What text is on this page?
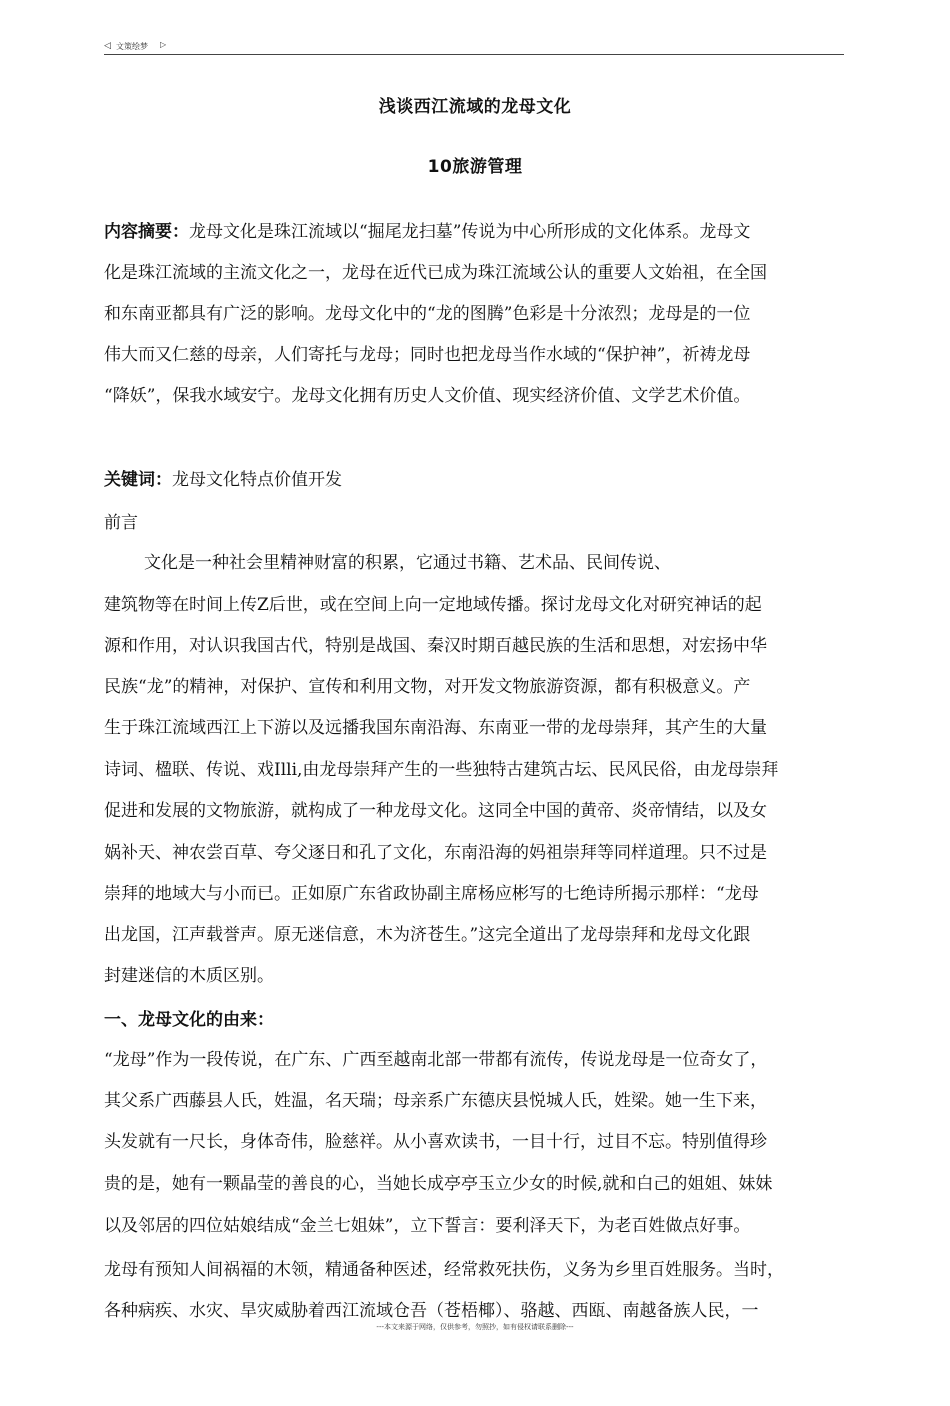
◁ 文策绘梦 ▷
浅谈西江流域的龙母文化
10旅游管理
内容摘要：龙母文化是珠江流域以“掘尾龙扫墓”传说为中心所形成的文化体系。龙母文
化是珠江流域的主流文化之一，龙母在近代已成为珠江流域公认的重要人文始祖，在全国
和东南亚都具有广泛的影响。龙母文化中的“龙的图腾”色彩是十分浓烈；龙母是的一位
伟大而又仁慈的母亲，人们寄托与龙母；同时也把龙母当作水域的“保护神”，祈祷龙母
“降妖”，保我水域安宁。龙母文化拥有历史人文价值、现实经济价值、文学艺术价值。
关键词：龙母文化特点价值开发
前言
文化是一种社会里精神财富的积累，它通过书籍、艺术品、民间传说、
建筑物等在时间上传Z后世，或在空间上向一定地域传播。探讨龙母文化对研究神话的起
源和作用，对认识我国古代，特别是战国、秦汉时期百越民族的生活和思想，对宏扬中华
民族“龙”的精神，对保护、宣传和利用文物，对开发文物旅游资源，都有积极意义。产
生于珠江流域西江上下游以及远播我国东南沿海、东南亚一带的龙母崇拜，其产生的大量
诗词、楹联、传说、戏Illi,由龙母崇拜产生的一些独特古建筑古坛、民风民俗，由龙母崇拜
促进和发展的文物旅游，就构成了一种龙母文化。这同全中国的黄帝、炎帝情结，以及女
娲补天、神农尝百草、夸父逐日和孔了文化，东南沿海的妈祖崇拜等同样道理。只不过是
崇拜的地域大与小而已。正如原广东省政协副主席杨应彬写的七绝诗所揭示那样：“龙母
出龙国，江声载誉声。原无迷信意，木为济苍生。”这完全道出了龙母崇拜和龙母文化跟
封建迷信的木质区别。
一、龙母文化的由来：
“龙母”作为一段传说，在广东、广西至越南北部一带都有流传，传说龙母是一位奇女了，
其父系广西藤县人氏，姓温，名天瑞；母亲系广东德庆县悦城人氏，姓梁。她一生下来，
头发就有一尺长，身体奇伟，脸慈祥。从小喜欢读书，一目十行，过目不忘。特别值得珍
贵的是，她有一颗晶莹的善良的心，当她长成亭亭玉立少女的时候,就和白己的姐姐、妹妹
以及邻居的四位姑娘结成“金兰七姐妹”，立下誓言：要利泽天下，为老百姓做点好事。
龙母有预知人间祸福的木领，精通备种医述，经常救死扶伤，义务为乡里百姓服务。当时，
各种病疾、水灾、旱灾威胁着西江流域仓吾（苍梧椰）、骆越、西瓯、南越备族人民，一
---本文来源于网络，仅供参考，勿照抄，如有侵权请联系删除---
